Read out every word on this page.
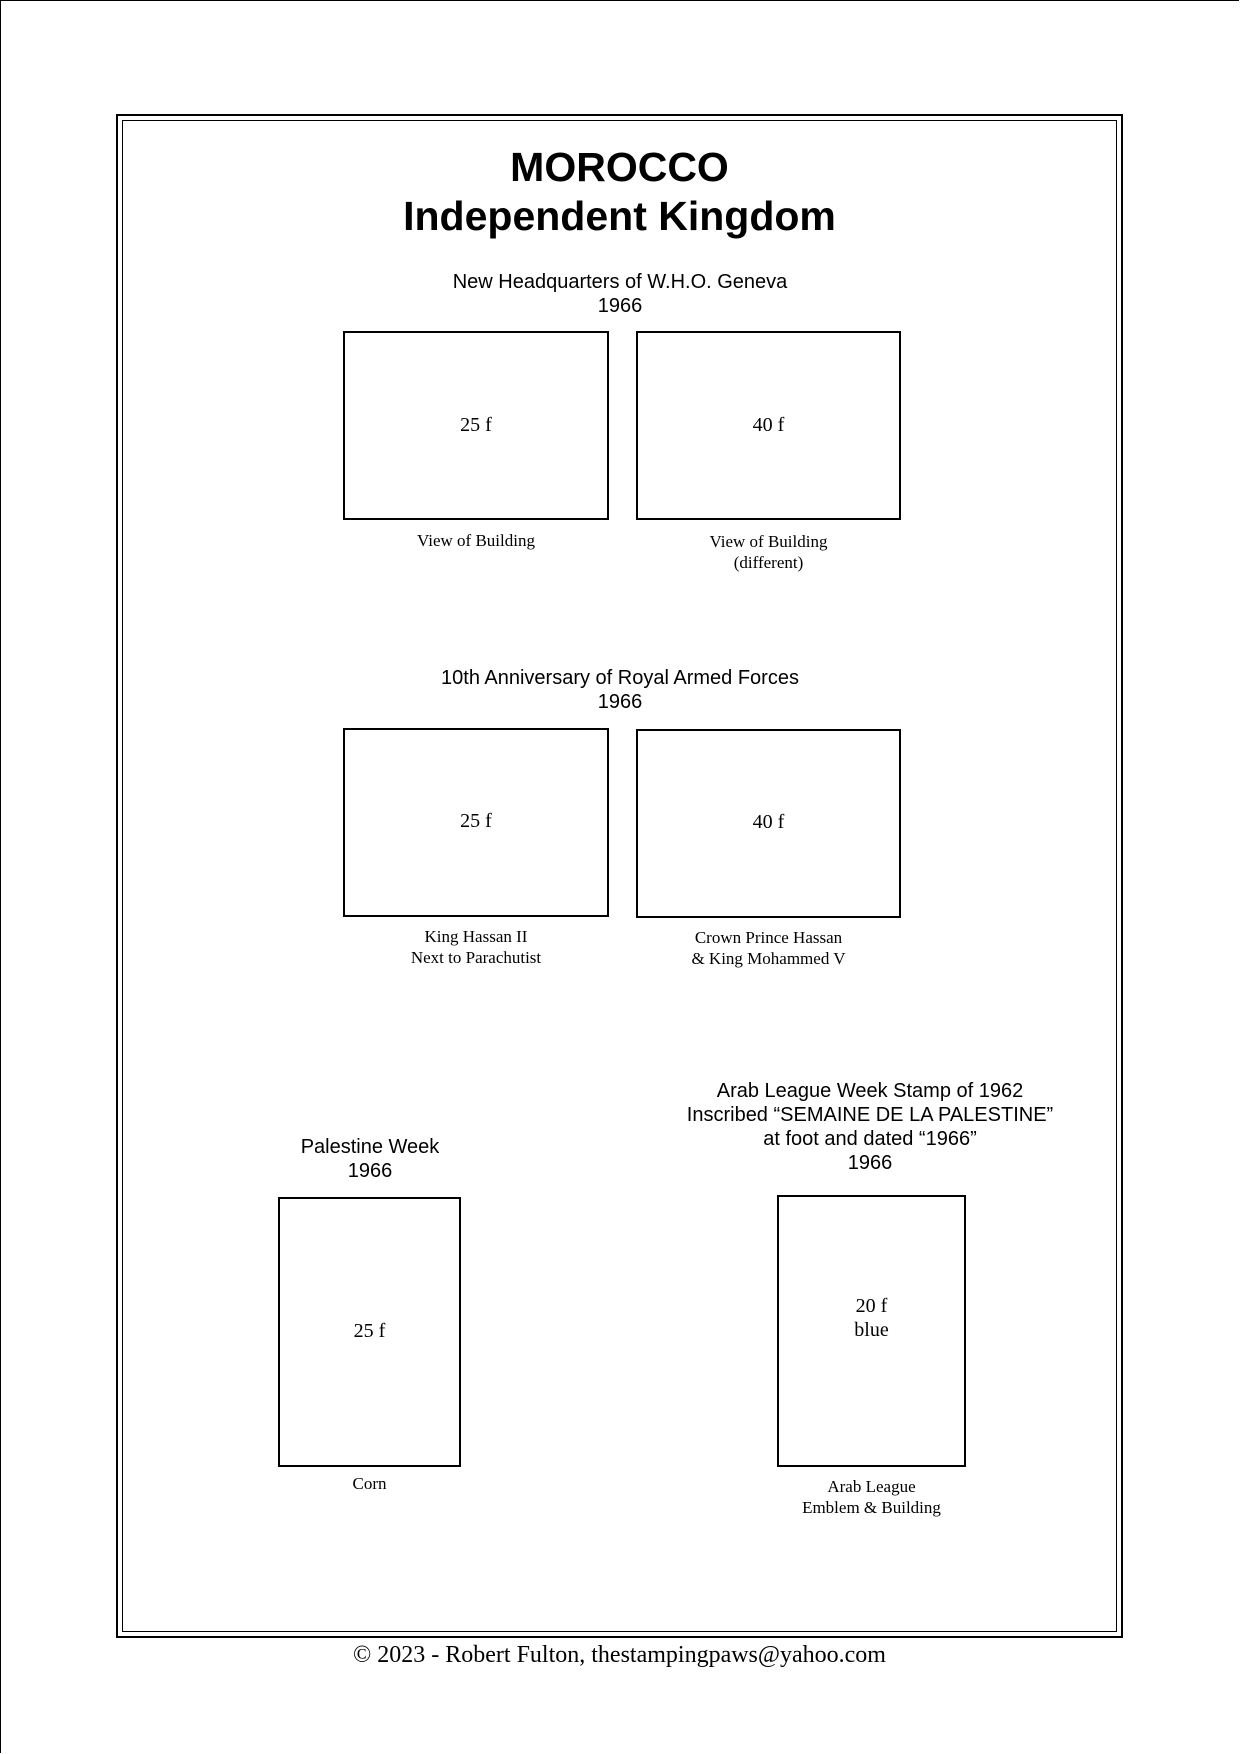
MOROCCO
Independent Kingdom
New Headquarters of W.H.O. Geneva
1966
25 f
View of Building
40 f
View of Building
(different)
10th Anniversary of Royal Armed Forces
1966
25 f
King Hassan II
Next to Parachutist
40 f
Crown Prince Hassan
& King Mohammed V
Palestine Week
1966
25 f
Corn
Arab League Week Stamp of 1962
Inscribed “SEMAINE DE LA PALESTINE”
at foot and dated “1966”
1966
20 f
blue
Arab League
Emblem & Building
© 2023 - Robert Fulton, thestampingpaws@yahoo.com
